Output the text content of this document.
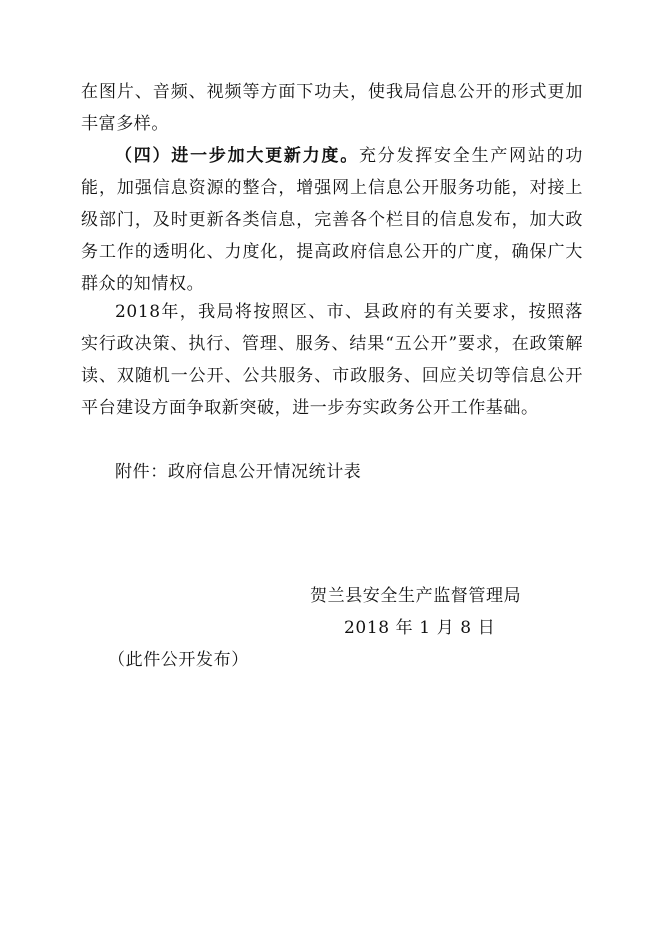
在图片、音频、视频等方面下功夫，使我局信息公开的形式更加丰富多样。

（四）进一步加大更新力度。充分发挥安全生产网站的功能，加强信息资源的整合，增强网上信息公开服务功能，对接上级部门，及时更新各类信息，完善各个栏目的信息发布，加大政务工作的透明化、力度化，提高政府信息公开的广度，确保广大群众的知情权。

2018年，我局将按照区、市、县政府的有关要求，按照落实行政决策、执行、管理、服务、结果“五公开”要求，在政策解读、双随机一公开、公共服务、市政服务、回应关切等信息公开平台建设方面争取新突破，进一步夯实政务公开工作基础。

附件：政府信息公开情况统计表

贺兰县安全生产监督管理局
2018 年 1 月 8 日
（此件公开发布）
